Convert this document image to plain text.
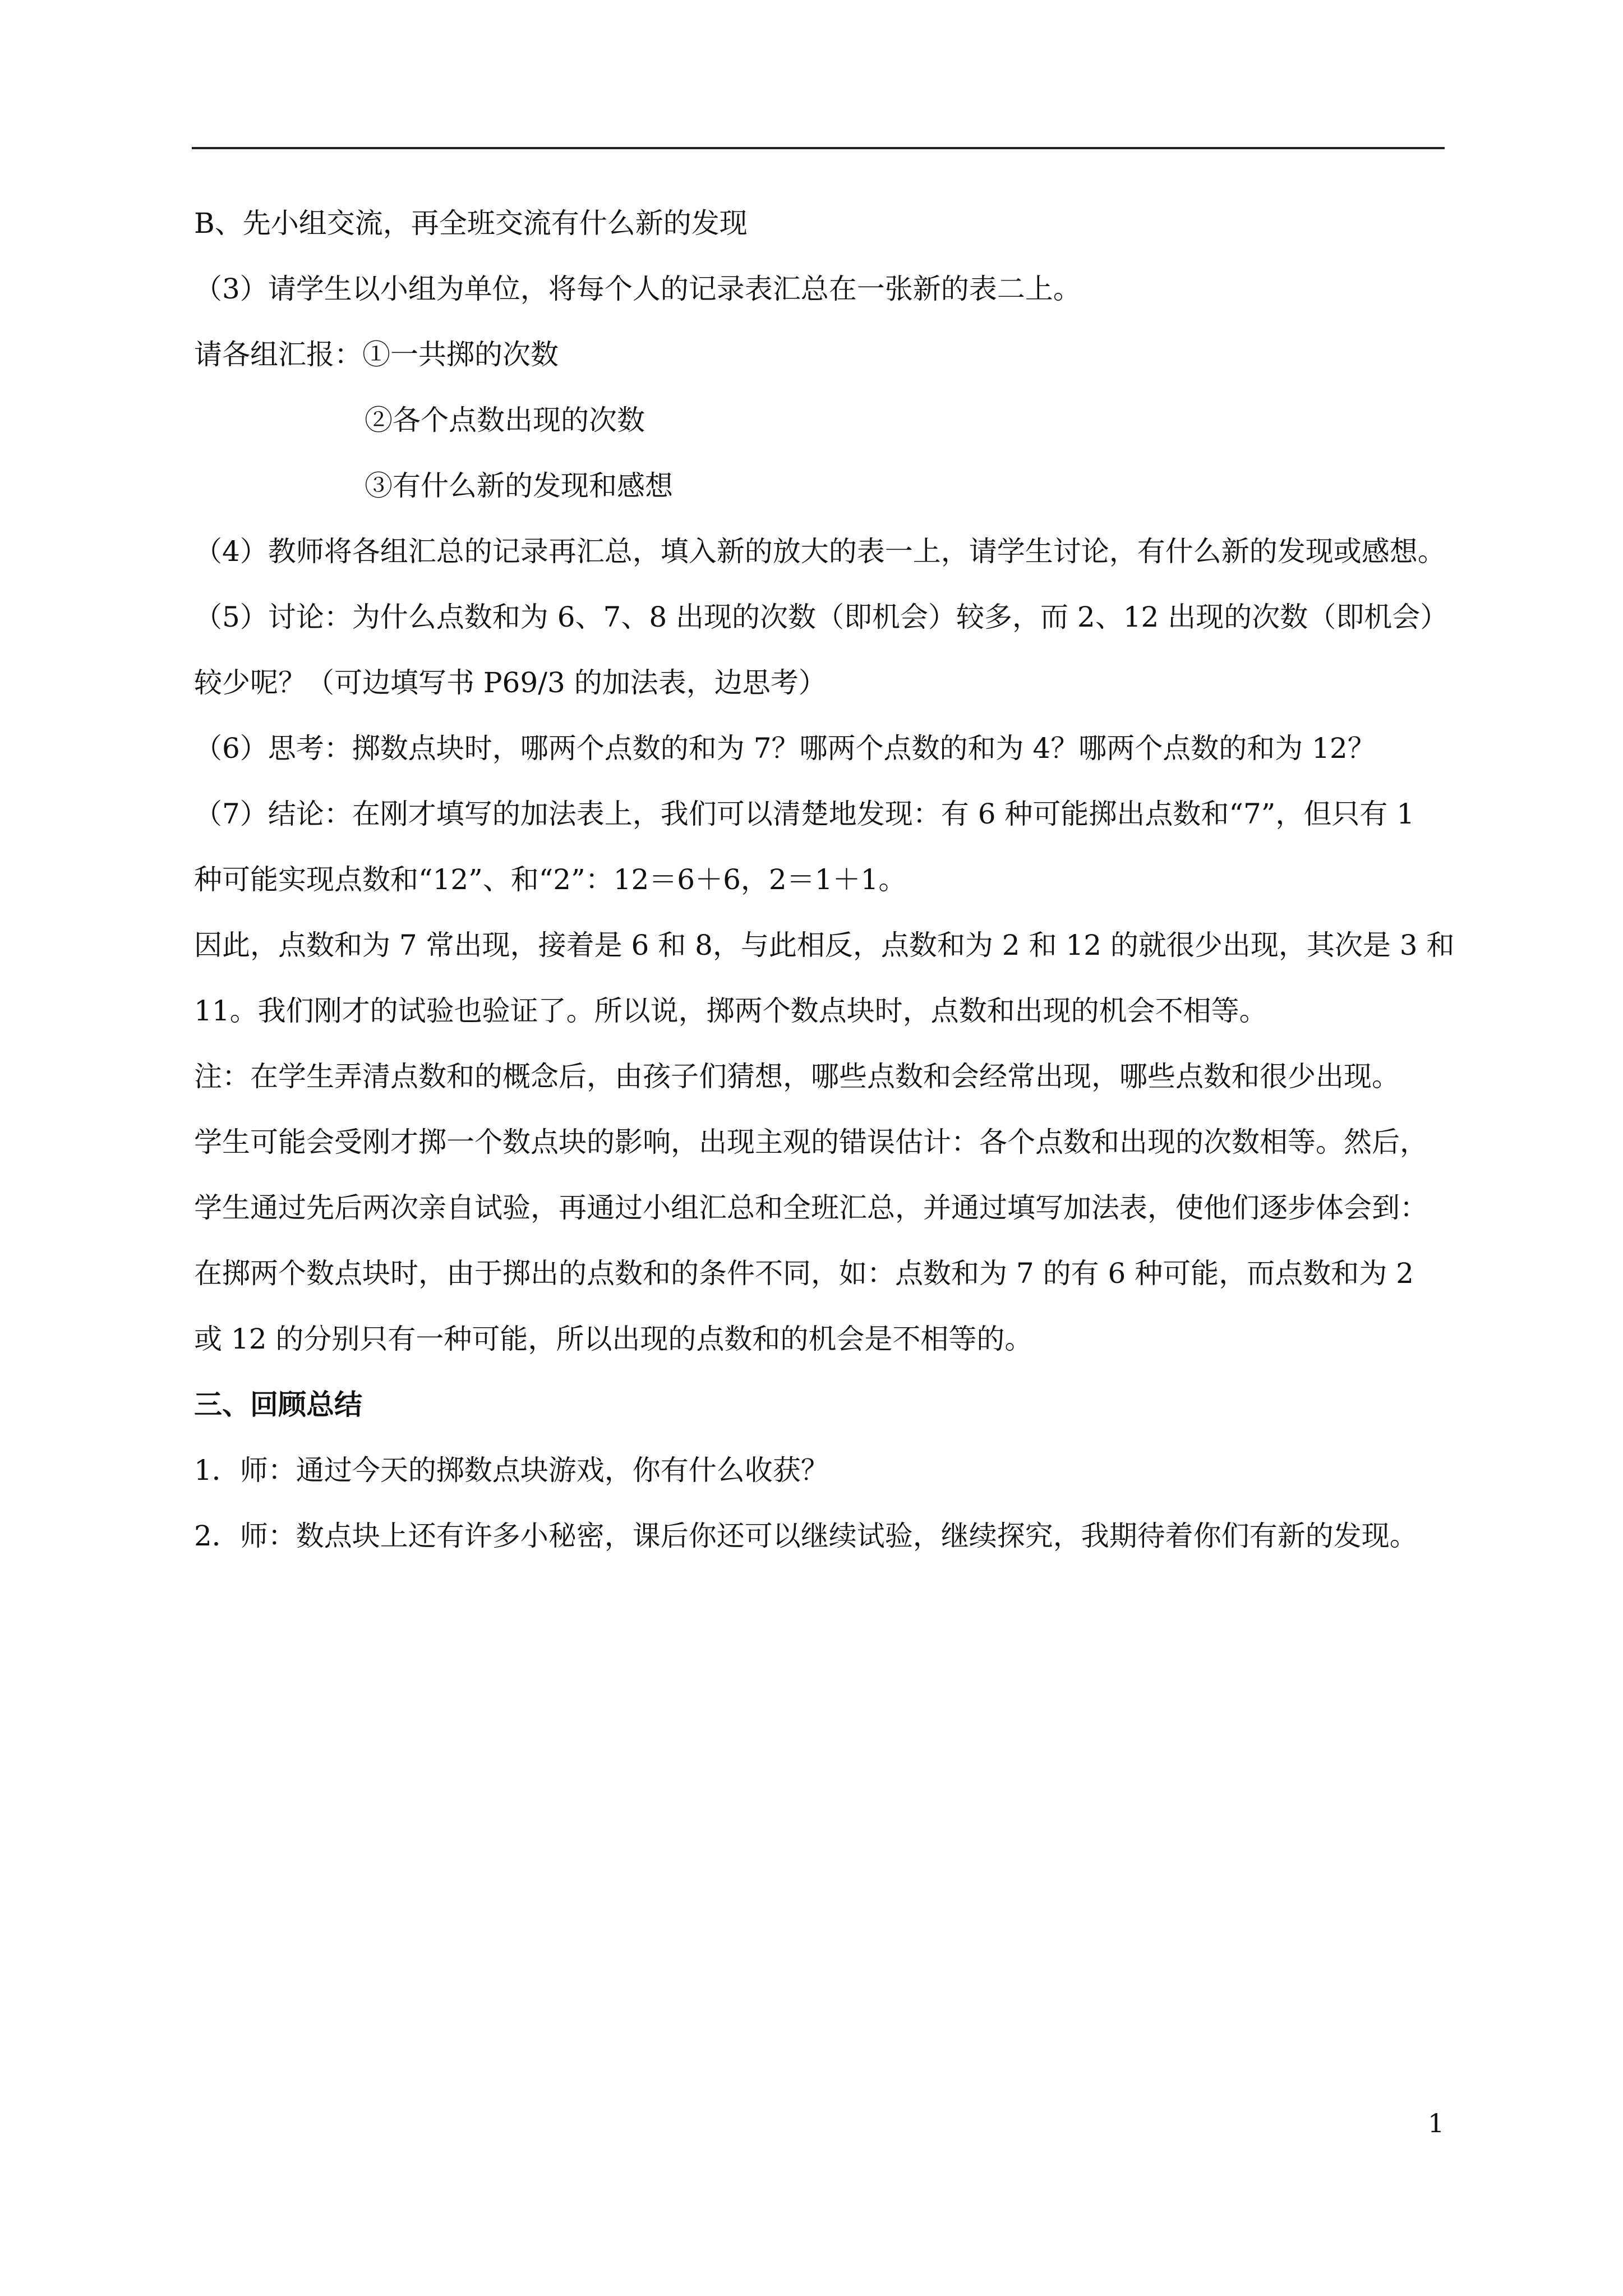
B、先小组交流，再全班交流有什么新的发现

（3）请学生以小组为单位，将每个人的记录表汇总在一张新的表二上。

请各组汇报：①一共掷的次数

②各个点数出现的次数

③有什么新的发现和感想

（4）教师将各组汇总的记录再汇总，填入新的放大的表一上，请学生讨论，有什么新的发现或感想。

（5）讨论：为什么点数和为 6、7、8 出现的次数（即机会）较多，而 2、12 出现的次数（即机会）

较少呢？（可边填写书 P69/3 的加法表，边思考）

（6）思考：掷数点块时，哪两个点数的和为 7？哪两个点数的和为 4？哪两个点数的和为 12？

（7）结论：在刚才填写的加法表上，我们可以清楚地发现：有 6 种可能掷出点数和“7”，但只有 1

种可能实现点数和“12”、和“2”：12＝6＋6，2＝1＋1。

因此，点数和为 7 常出现，接着是 6 和 8，与此相反，点数和为 2 和 12 的就很少出现，其次是 3 和

11。我们刚才的试验也验证了。所以说，掷两个数点块时，点数和出现的机会不相等。

注：在学生弄清点数和的概念后，由孩子们猜想，哪些点数和会经常出现，哪些点数和很少出现。

学生可能会受刚才掷一个数点块的影响，出现主观的错误估计：各个点数和出现的次数相等。然后，

学生通过先后两次亲自试验，再通过小组汇总和全班汇总，并通过填写加法表，使他们逐步体会到：

在掷两个数点块时，由于掷出的点数和的条件不同，如：点数和为 7 的有 6 种可能，而点数和为 2

或 12 的分别只有一种可能，所以出现的点数和的机会是不相等的。

三、回顾总结

1．师：通过今天的掷数点块游戏，你有什么收获？

2．师：数点块上还有许多小秘密，课后你还可以继续试验，继续探究，我期待着你们有新的发现。

1
